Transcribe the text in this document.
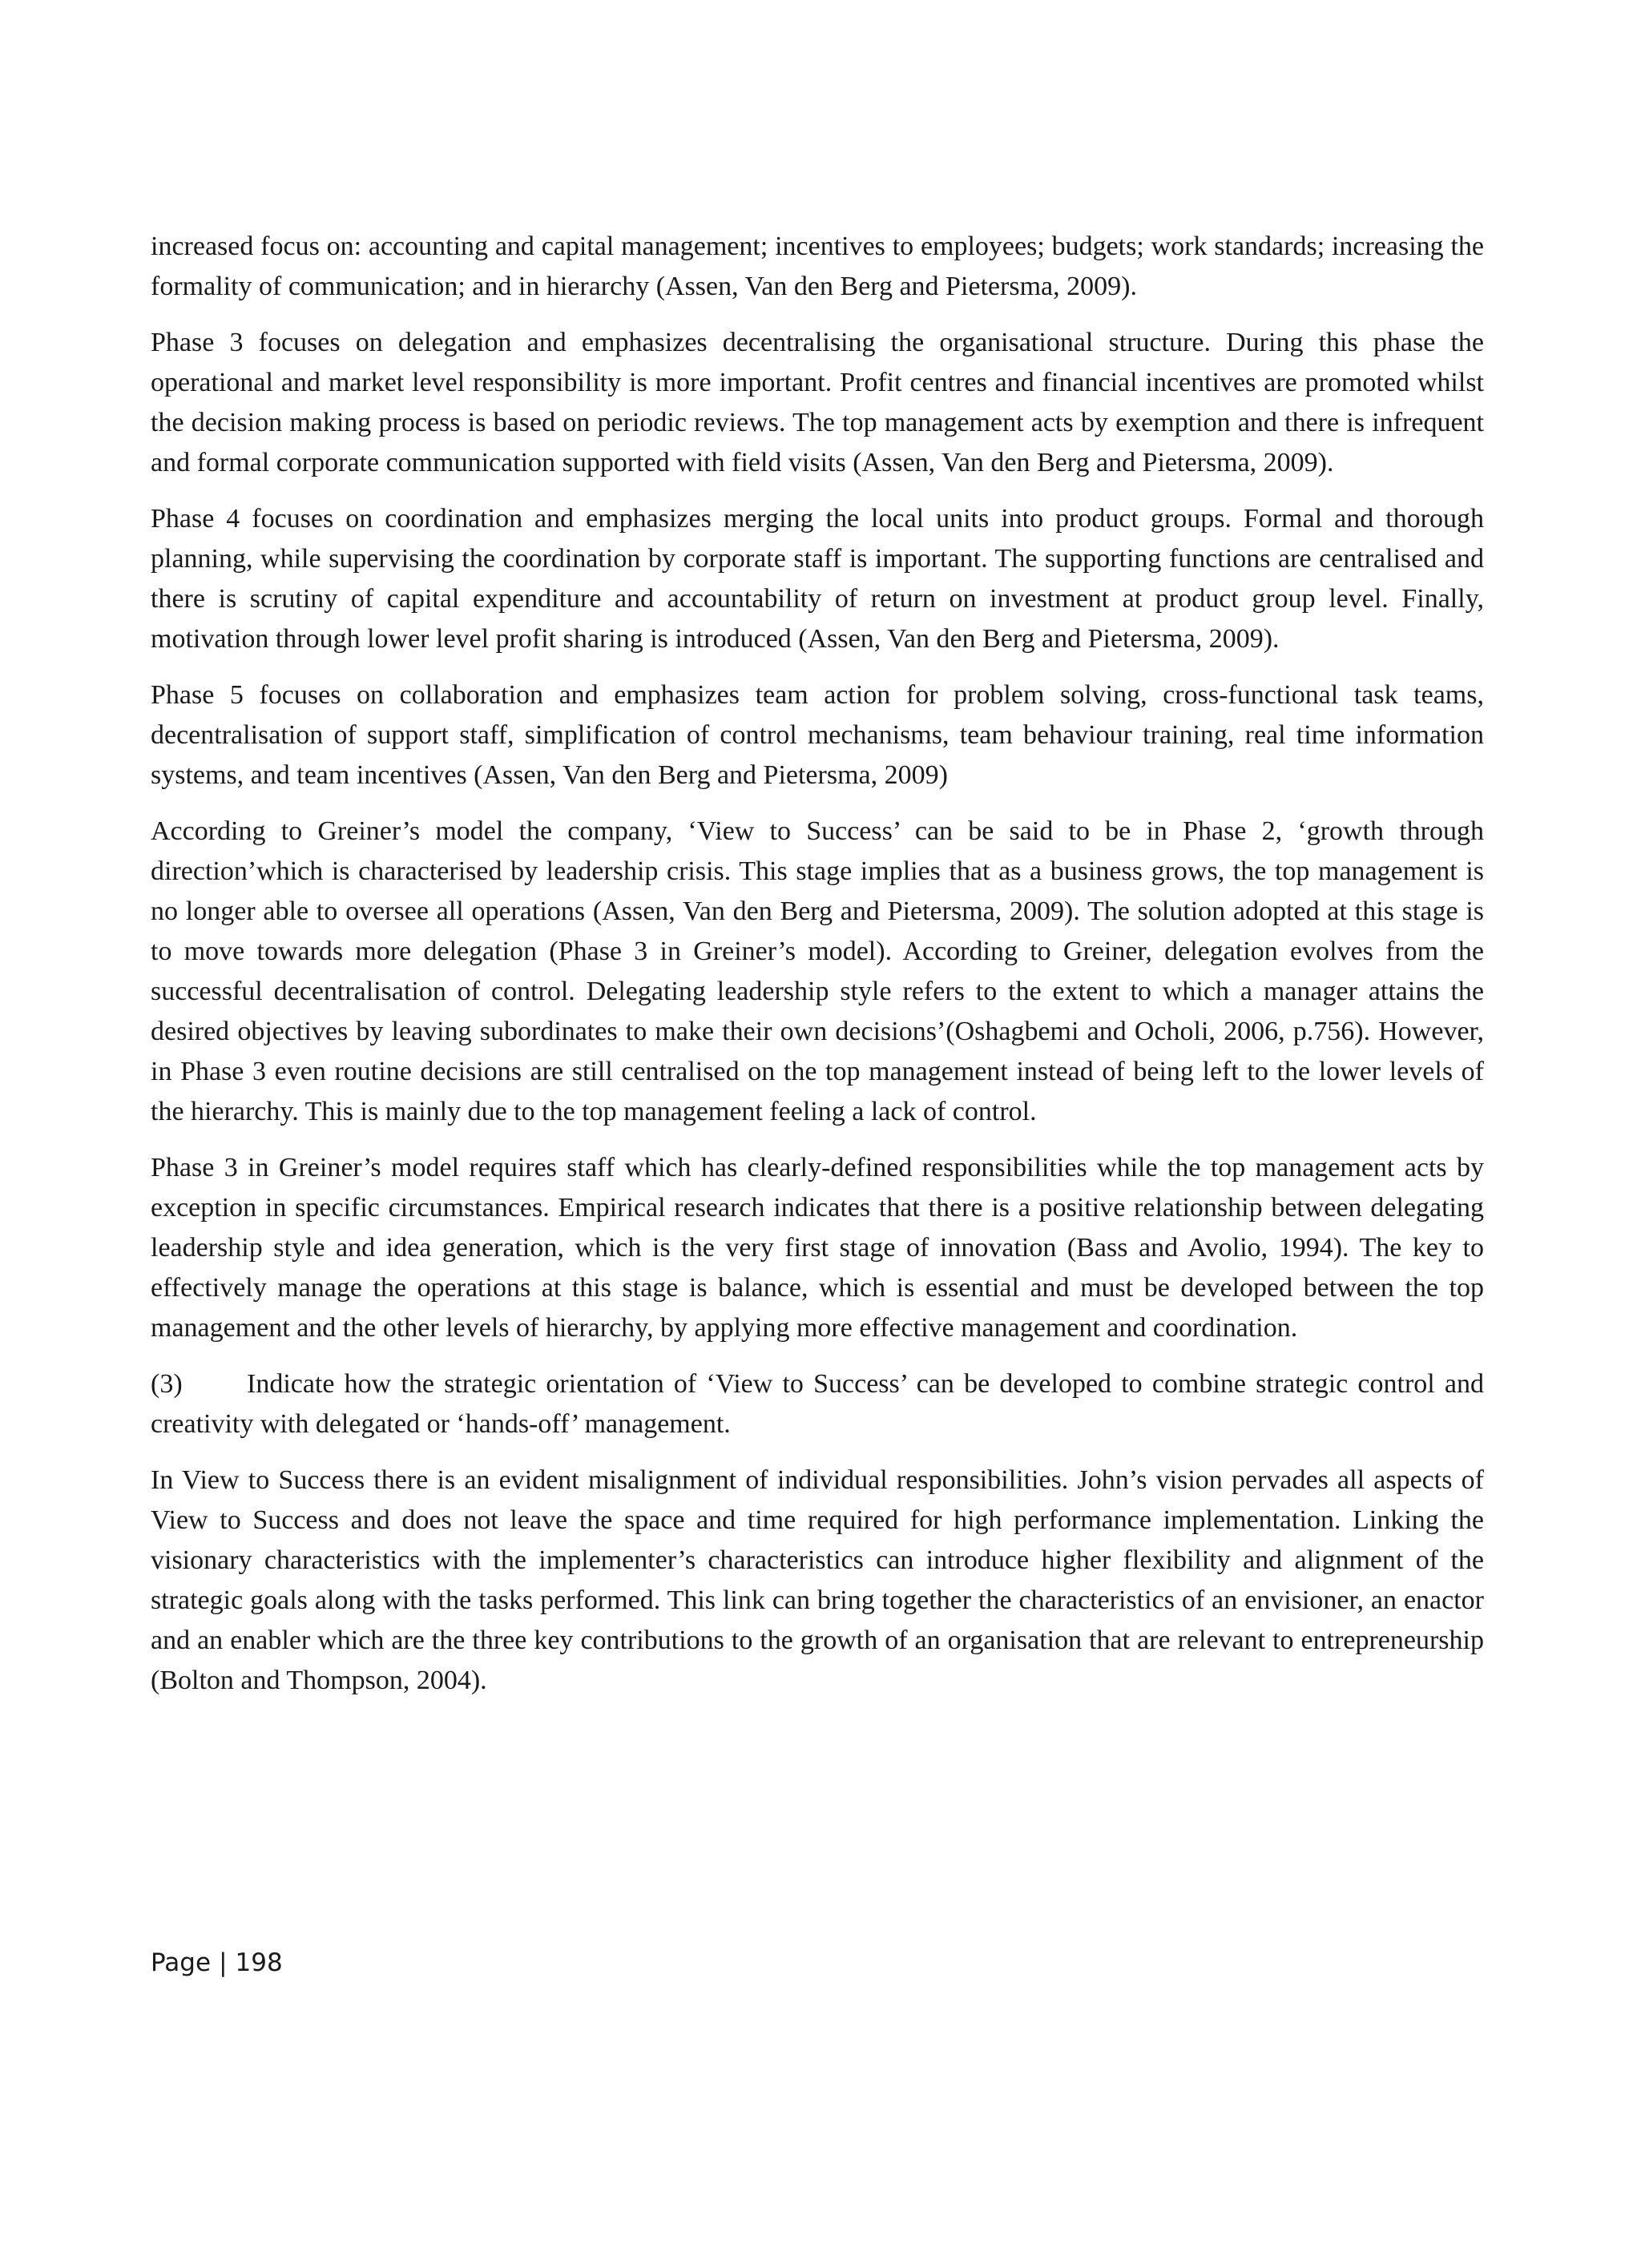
increased focus on: accounting and capital management; incentives to employees; budgets; work standards; increasing the formality of communication; and in hierarchy (Assen, Van den Berg and Pietersma, 2009).

Phase 3 focuses on delegation and emphasizes decentralising the organisational structure. During this phase the operational and market level responsibility is more important. Profit centres and financial incentives are promoted whilst the decision making process is based on periodic reviews. The top management acts by exemption and there is infrequent and formal corporate communication supported with field visits (Assen, Van den Berg and Pietersma, 2009).

Phase 4 focuses on coordination and emphasizes merging the local units into product groups. Formal and thorough planning, while supervising the coordination by corporate staff is important. The supporting functions are centralised and there is scrutiny of capital expenditure and accountability of return on investment at product group level. Finally, motivation through lower level profit sharing is introduced (Assen, Van den Berg and Pietersma, 2009).

Phase 5 focuses on collaboration and emphasizes team action for problem solving, cross-functional task teams, decentralisation of support staff, simplification of control mechanisms, team behaviour training, real time information systems, and team incentives (Assen, Van den Berg and Pietersma, 2009)

According to Greiner’s model the company, ‘View to Success’ can be said to be in Phase 2, ‘growth through direction’which is characterised by leadership crisis. This stage implies that as a business grows, the top management is no longer able to oversee all operations (Assen, Van den Berg and Pietersma, 2009). The solution adopted at this stage is to move towards more delegation (Phase 3 in Greiner’s model). According to Greiner, delegation evolves from the successful decentralisation of control. Delegating leadership style refers to the extent to which a manager attains the desired objectives by leaving subordinates to make their own decisions’(Oshagbemi and Ocholi, 2006, p.756). However, in Phase 3 even routine decisions are still centralised on the top management instead of being left to the lower levels of the hierarchy. This is mainly due to the top management feeling a lack of control.

Phase 3 in Greiner’s model requires staff which has clearly-defined responsibilities while the top management acts by exception in specific circumstances. Empirical research indicates that there is a positive relationship between delegating leadership style and idea generation, which is the very first stage of innovation (Bass and Avolio, 1994). The key to effectively manage the operations at this stage is balance, which is essential and must be developed between the top management and the other levels of hierarchy, by applying more effective management and coordination.

(3) Indicate how the strategic orientation of ‘View to Success’ can be developed to combine strategic control and creativity with delegated or ‘hands-off’ management.

In View to Success there is an evident misalignment of individual responsibilities. John’s vision pervades all aspects of View to Success and does not leave the space and time required for high performance implementation. Linking the visionary characteristics with the implementer’s characteristics can introduce higher flexibility and alignment of the strategic goals along with the tasks performed. This link can bring together the characteristics of an envisioner, an enactor and an enabler which are the three key contributions to the growth of an organisation that are relevant to entrepreneurship (Bolton and Thompson, 2004).

Page | 198
